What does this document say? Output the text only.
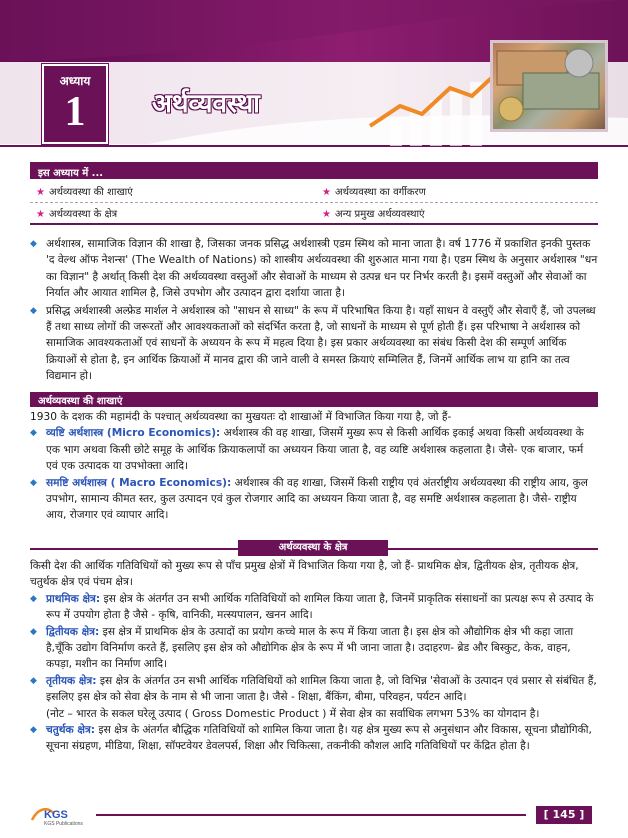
अध्याय
1	अर्थव्यवस्था
इस अध्याय में ...
★ अर्थव्यवस्था की शाखाएं	★ अर्थव्यवस्था का वर्गीकरण
★ अर्थव्यवस्था के क्षेत्र	★ अन्य प्रमुख अर्थव्यवस्थाएं
◆ अर्थशास्त्र, सामाजिक विज्ञान की शाखा है, जिसका जनक प्रसिद्ध अर्थशास्त्री एडम स्मिथ को माना जाता है। वर्ष 1776 में प्रकाशित इनकी पुस्तक 'द वेल्थ ऑफ नेशन्स' (The Wealth of Nations) को शास्त्रीय अर्थव्यवस्था की शुरुआत माना गया है। एडम स्मिथ के अनुसार अर्थशास्त्र "धन का विज्ञान" है अर्थात् किसी देश की अर्थव्यवस्था वस्तुओं और सेवाओं के माध्यम से उत्पन्न धन पर निर्भर करती है। इसमें वस्तुओं और सेवाओं का निर्यात और आयात शामिल है, जिसे उपभोग और उत्पादन द्वारा दर्शाया जाता है।
◆ प्रसिद्ध अर्थशास्त्री अल्फ्रेड मार्शल ने अर्थशास्त्र को "साधन से साध्य" के रूप में परिभाषित किया है। यहाँ साधन वे वस्तुएँ और सेवाएँ हैं, जो उपलब्ध हैं तथा साध्य लोगों की जरूरतों और आवश्यकताओं को संदर्भित करता है, जो साधनों के माध्यम से पूर्ण होती हैं। इस परिभाषा ने अर्थशास्त्र को सामाजिक आवश्यकताओं एवं साधनों के अध्ययन के रूप में महत्व दिया है। इस प्रकार अर्थव्यवस्था का संबंध किसी देश की सम्पूर्ण आर्थिक क्रियाओं से होता है, इन आर्थिक क्रियाओं में मानव द्वारा की जाने वाली वे समस्त क्रियाएं सम्मिलित हैं, जिनमें आर्थिक लाभ या हानि का तत्व विद्यमान हो।
अर्थव्यवस्था की शाखाएं
1930 के दशक की महामंदी के पश्चात् अर्थव्यवस्था का मुखयतः दो शाखाओं में विभाजित किया गया है, जो हैं-
◆ व्यष्टि अर्थशास्त्र (Micro Economics): अर्थशास्त्र की वह शाखा, जिसमें मुख्य रूप से किसी आर्थिक इकाई अथवा किसी अर्थव्यवस्था के एक भाग अथवा किसी छोटे समूह के आर्थिक क्रियाकलापों का अध्ययन किया जाता है, वह व्यष्टि अर्थशास्त्र कहलाता है। जैसे- एक बाजार, फर्म एवं एक उत्पादक या उपभोक्ता आदि।
◆ समष्टि अर्थशास्त्र ( Macro Economics): अर्थशास्त्र की वह शाखा, जिसमें किसी राष्ट्रीय एवं अंतर्राष्ट्रीय अर्थव्यवस्था की राष्ट्रीय आय, कुल उपभोग, सामान्य कीमत स्तर, कुल उत्पादन एवं कुल रोजगार आदि का अध्ययन किया जाता है, वह समष्टि अर्थशास्त्र कहलाता है। जैसे- राष्ट्रीय आय, रोजगार एवं व्यापार आदि।
अर्थव्यवस्था के क्षेत्र
किसी देश की आर्थिक गतिविधियों को मुख्य रूप से पाँच प्रमुख क्षेत्रों में विभाजित किया गया है, जो हैं- प्राथमिक क्षेत्र, द्वितीयक क्षेत्र, तृतीयक क्षेत्र, चतुर्थक क्षेत्र एवं पंचम क्षेत्र।
◆ प्राथमिक क्षेत्र: इस क्षेत्र के अंतर्गत उन सभी आर्थिक गतिविधियों को शामिल किया जाता है, जिनमें प्राकृतिक संसाधनों का प्रत्यक्ष रूप से उत्पाद के रूप में उपयोग होता है जैसे - कृषि, वानिकी, मत्स्यपालन, खनन आदि।
◆ द्वितीयक क्षेत्र: इस क्षेत्र में प्राथमिक क्षेत्र के उत्पादों का प्रयोग कच्चे माल के रूप में किया जाता है। इस क्षेत्र को औद्योगिक क्षेत्र भी कहा जाता है,चूँकि उद्योग विनिर्माण करते हैं, इसलिए इस क्षेत्र को औद्योगिक क्षेत्र के रूप में भी जाना जाता है। उदाहरण- ब्रेड और बिस्कुट, केक, वाहन, कपड़ा, मशीन का निर्माण आदि।
◆ तृतीयक क्षेत्र: इस क्षेत्र के अंतर्गत उन सभी आर्थिक गतिविधियों को शामिल किया जाता है, जो विभिन्न 'सेवाओं के उत्पादन एवं प्रसार से संबंधित हैं, इसलिए इस क्षेत्र को सेवा क्षेत्र के नाम से भी जाना जाता है। जैसे - शिक्षा, बैंकिंग, बीमा, परिवहन, पर्यटन आदि।
(नोट – भारत के सकल घरेलू उत्पाद ( Gross Domestic Product ) में सेवा क्षेत्र का सर्वाधिक लगभग 53% का योगदान है।
◆ चतुर्थक क्षेत्र: इस क्षेत्र के अंतर्गत बौद्धिक गतिविधियों को शामिल किया जाता है। यह क्षेत्र मुख्य रूप से अनुसंधान और विकास, सूचना प्रौद्योगिकी, सूचना संग्रहण, मीडिया, शिक्षा, सॉफ्टवेयर डेवलपर्स, शिक्षा और चिकित्सा, तकनीकी कौशल आदि गतिविधियों पर केंद्रित होता है।
KGS
KGS Publications
[ 145 ]
